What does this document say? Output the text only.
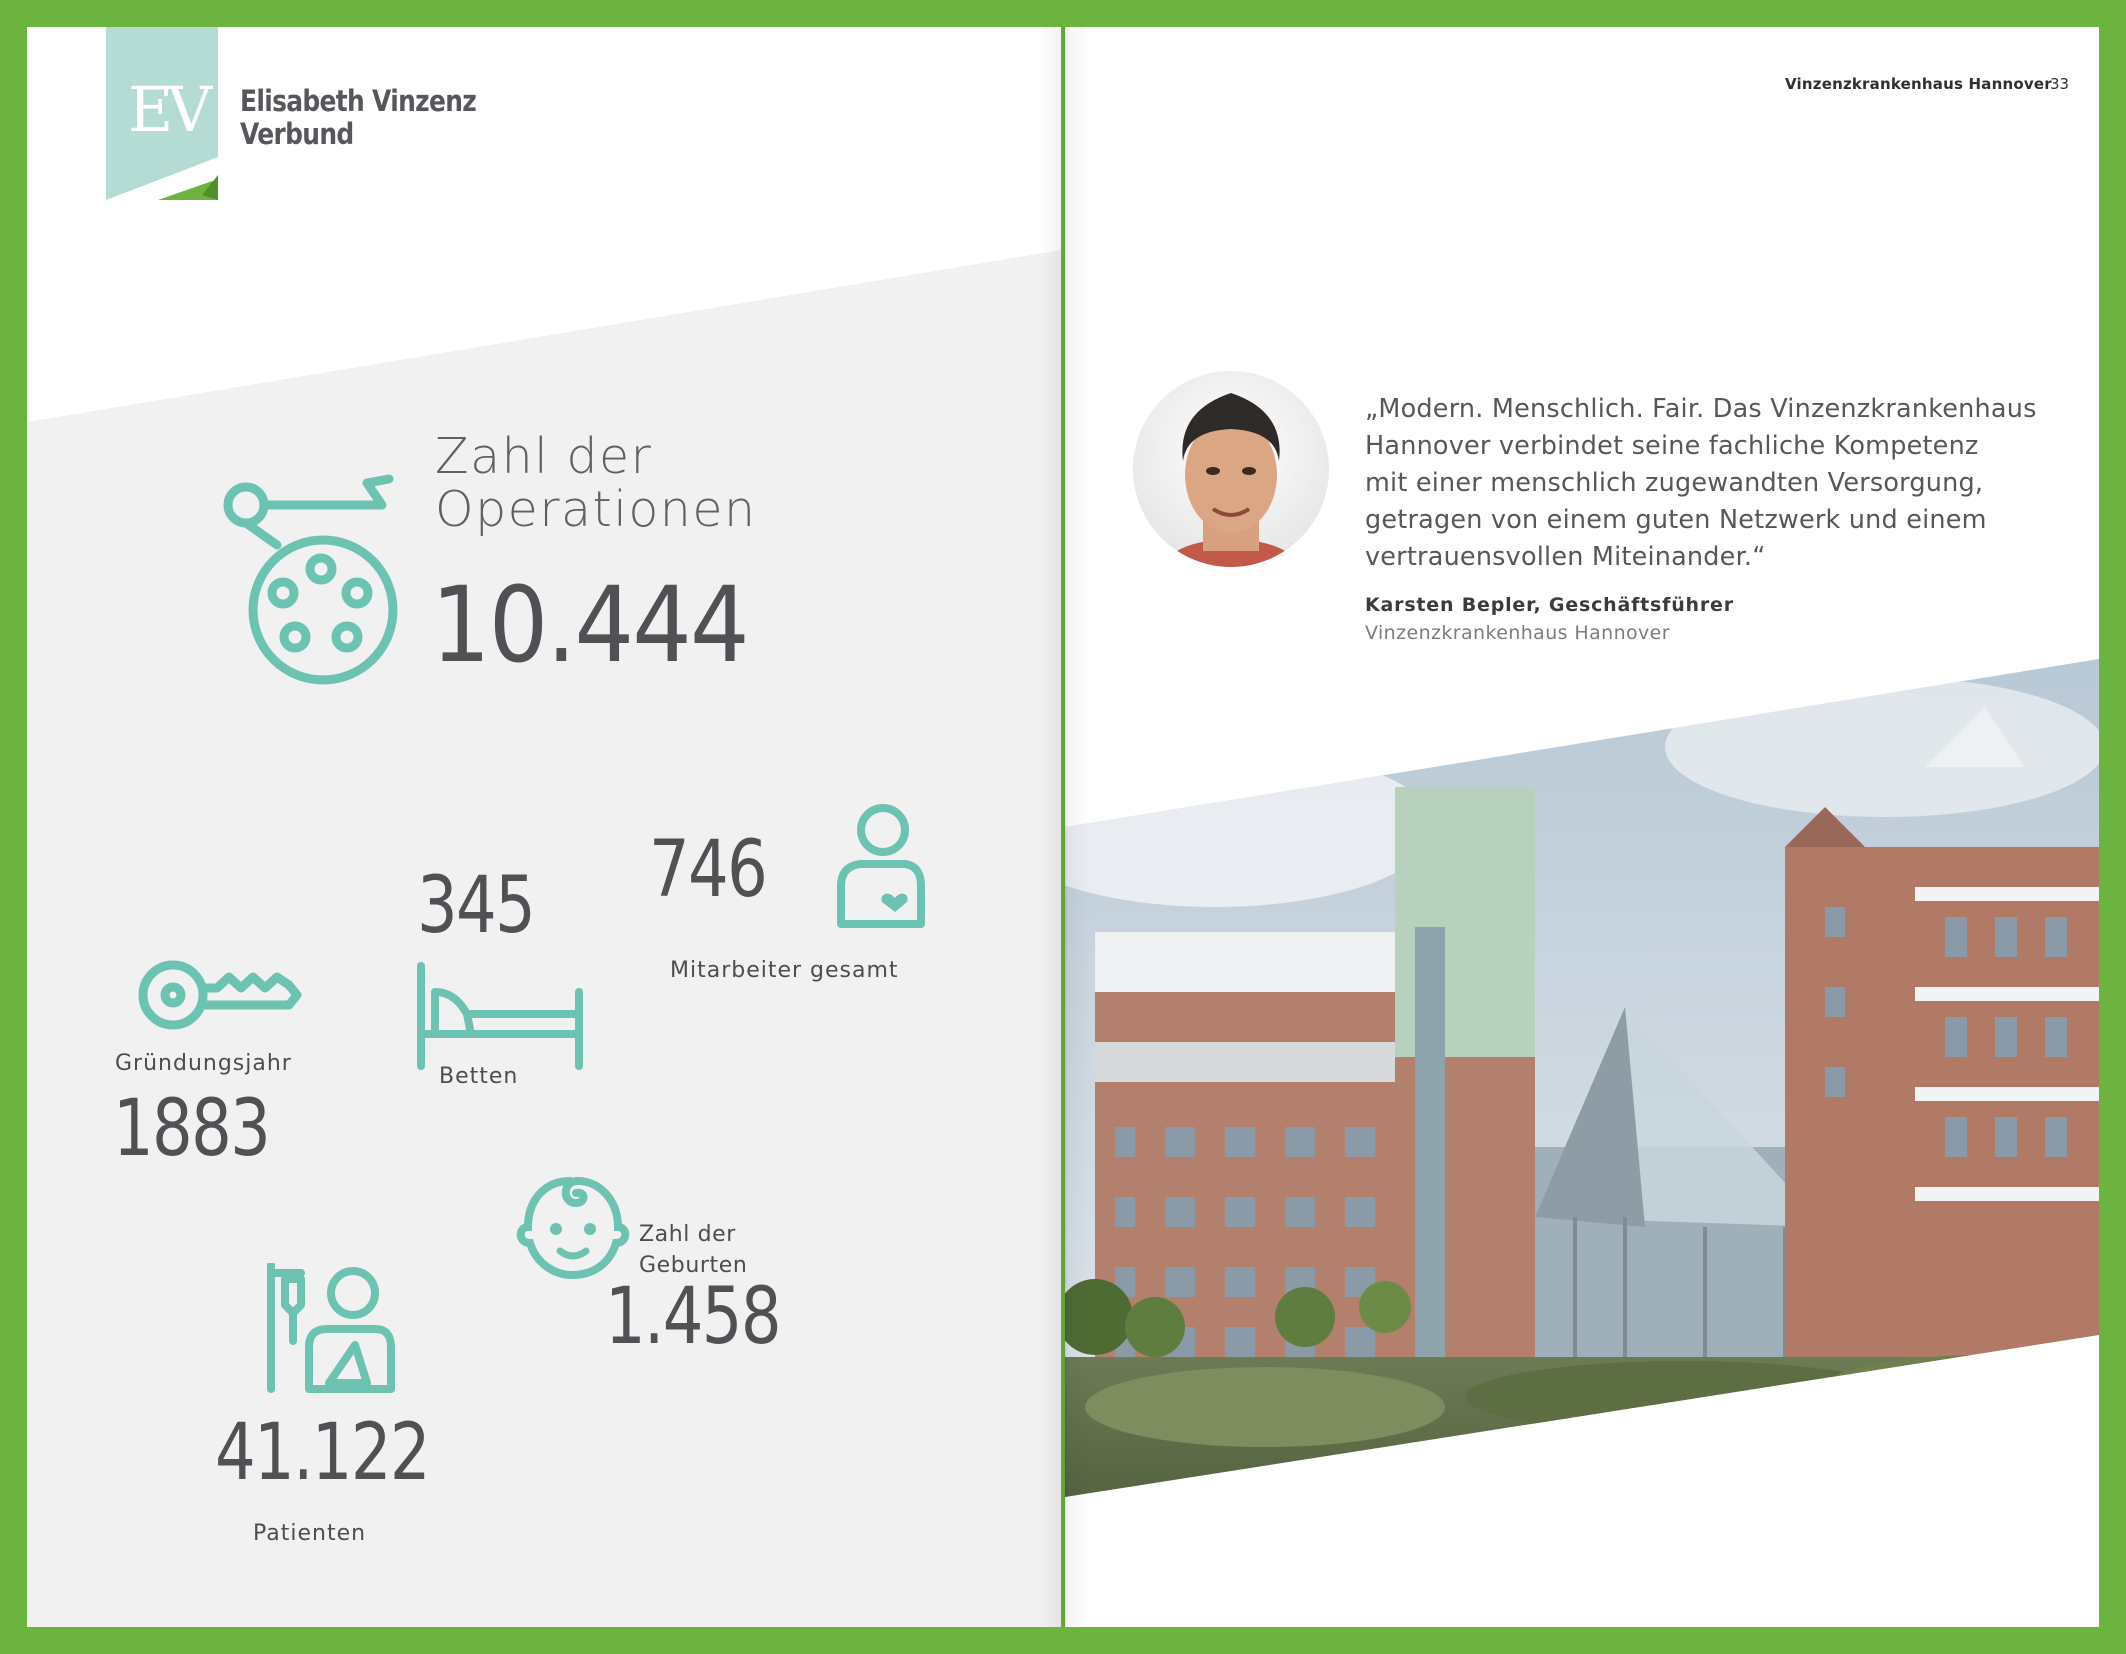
EV	Elisabeth Vinzenz
Verbund
Zahl der
Operationen
10.444
746
Mitarbeiter gesamt
345
Betten
Gründungsjahr
1883
Zahl der
Geburten
1.458
41.122
Patienten
Vinzenzkrankenhaus Hannover
33
„Modern. Menschlich. Fair. Das Vinzenzkrankenhaus
Hannover verbindet seine fachliche Kompetenz
mit einer menschlich zugewandten Versorgung,
getragen von einem guten Netzwerk und einem
vertrauensvollen Miteinander.“
Karsten Bepler, Geschäftsführer
Vinzenzkrankenhaus Hannover
